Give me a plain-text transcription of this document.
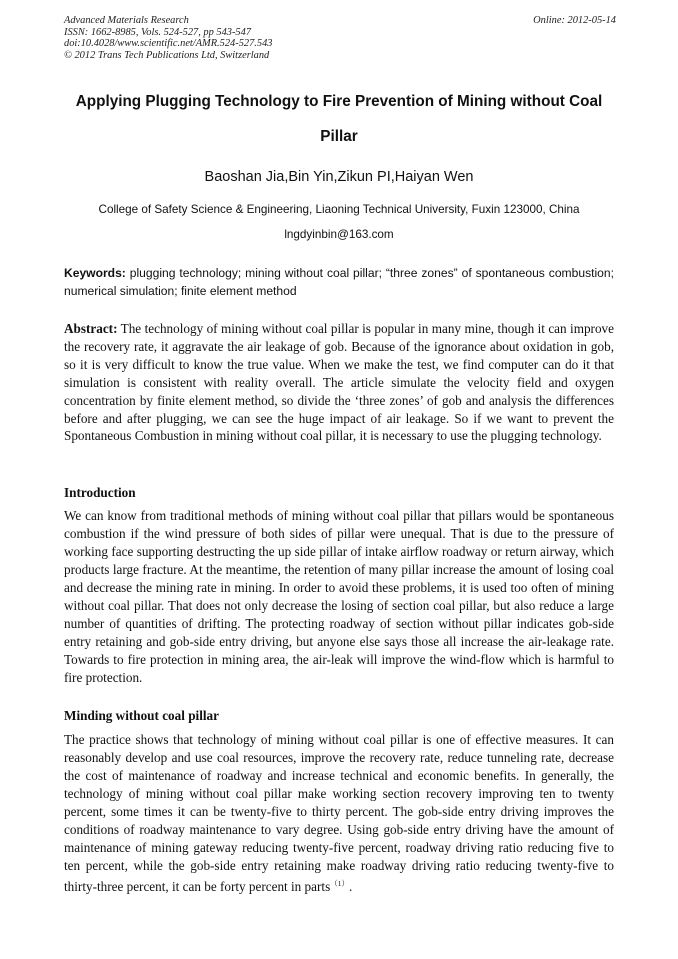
Advanced Materials Research
ISSN: 1662-8985, Vols. 524-527, pp 543-547
doi:10.4028/www.scientific.net/AMR.524-527.543
© 2012 Trans Tech Publications Ltd, Switzerland
Online: 2012-05-14
Applying Plugging Technology to Fire Prevention of Mining without Coal Pillar
Baoshan Jia,Bin Yin,Zikun PI,Haiyan Wen
College of Safety Science & Engineering, Liaoning Technical University, Fuxin 123000, China
lngdyinbin@163.com

Keywords: plugging technology; mining without coal pillar; “three zones” of spontaneous combustion; numerical simulation; finite element method

Abstract: The technology of mining without coal pillar is popular in many mine, though it can improve the recovery rate, it aggravate the air leakage of gob. Because of the ignorance about oxidation in gob, so it is very difficult to know the true value. When we make the test, we find computer can do it that simulation is consistent with reality overall. The article simulate the velocity field and oxygen concentration by finite element method, so divide the ‘three zones’ of gob and analysis the differences before and after plugging, we can see the huge impact of air leakage. So if we want to prevent the Spontaneous Combustion in mining without coal pillar, it is necessary to use the plugging technology.

Introduction

We can know from traditional methods of mining without coal pillar that pillars would be spontaneous combustion if the wind pressure of both sides of pillar were unequal. That is due to the pressure of working face supporting destructing the up side pillar of intake airflow roadway or return airway, which products large fracture. At the meantime, the retention of many pillar increase the amount of losing coal and decrease the mining rate in mining. In order to avoid these problems, it is used too often of mining without coal pillar. That does not only decrease the losing of section coal pillar, but also reduce a large number of quantities of drifting. The protecting roadway of section without pillar indicates gob-side entry retaining and gob-side entry driving, but anyone else says those all increase the air-leakage rate. Towards to fire protection in mining area, the air-leak will improve the wind-flow which is harmful to fire protection.

Minding without coal pillar

The practice shows that technology of mining without coal pillar is one of effective measures. It can reasonably develop and use coal resources, improve the recovery rate, reduce tunneling rate, decrease the cost of maintenance of roadway and increase technical and economic benefits. In generally, the technology of mining without coal pillar make working section recovery improving ten to twenty percent, some times it can be twenty-five to thirty percent. The gob-side entry driving improves the conditions of roadway maintenance to vary degree. Using gob-side entry driving have the amount of maintenance of mining gateway reducing twenty-five percent, roadway driving ratio reducing five to ten percent, while the gob-side entry retaining make roadway driving ratio reducing twenty-five to thirty-three percent, it can be forty percent in parts$^{(1)}$.
